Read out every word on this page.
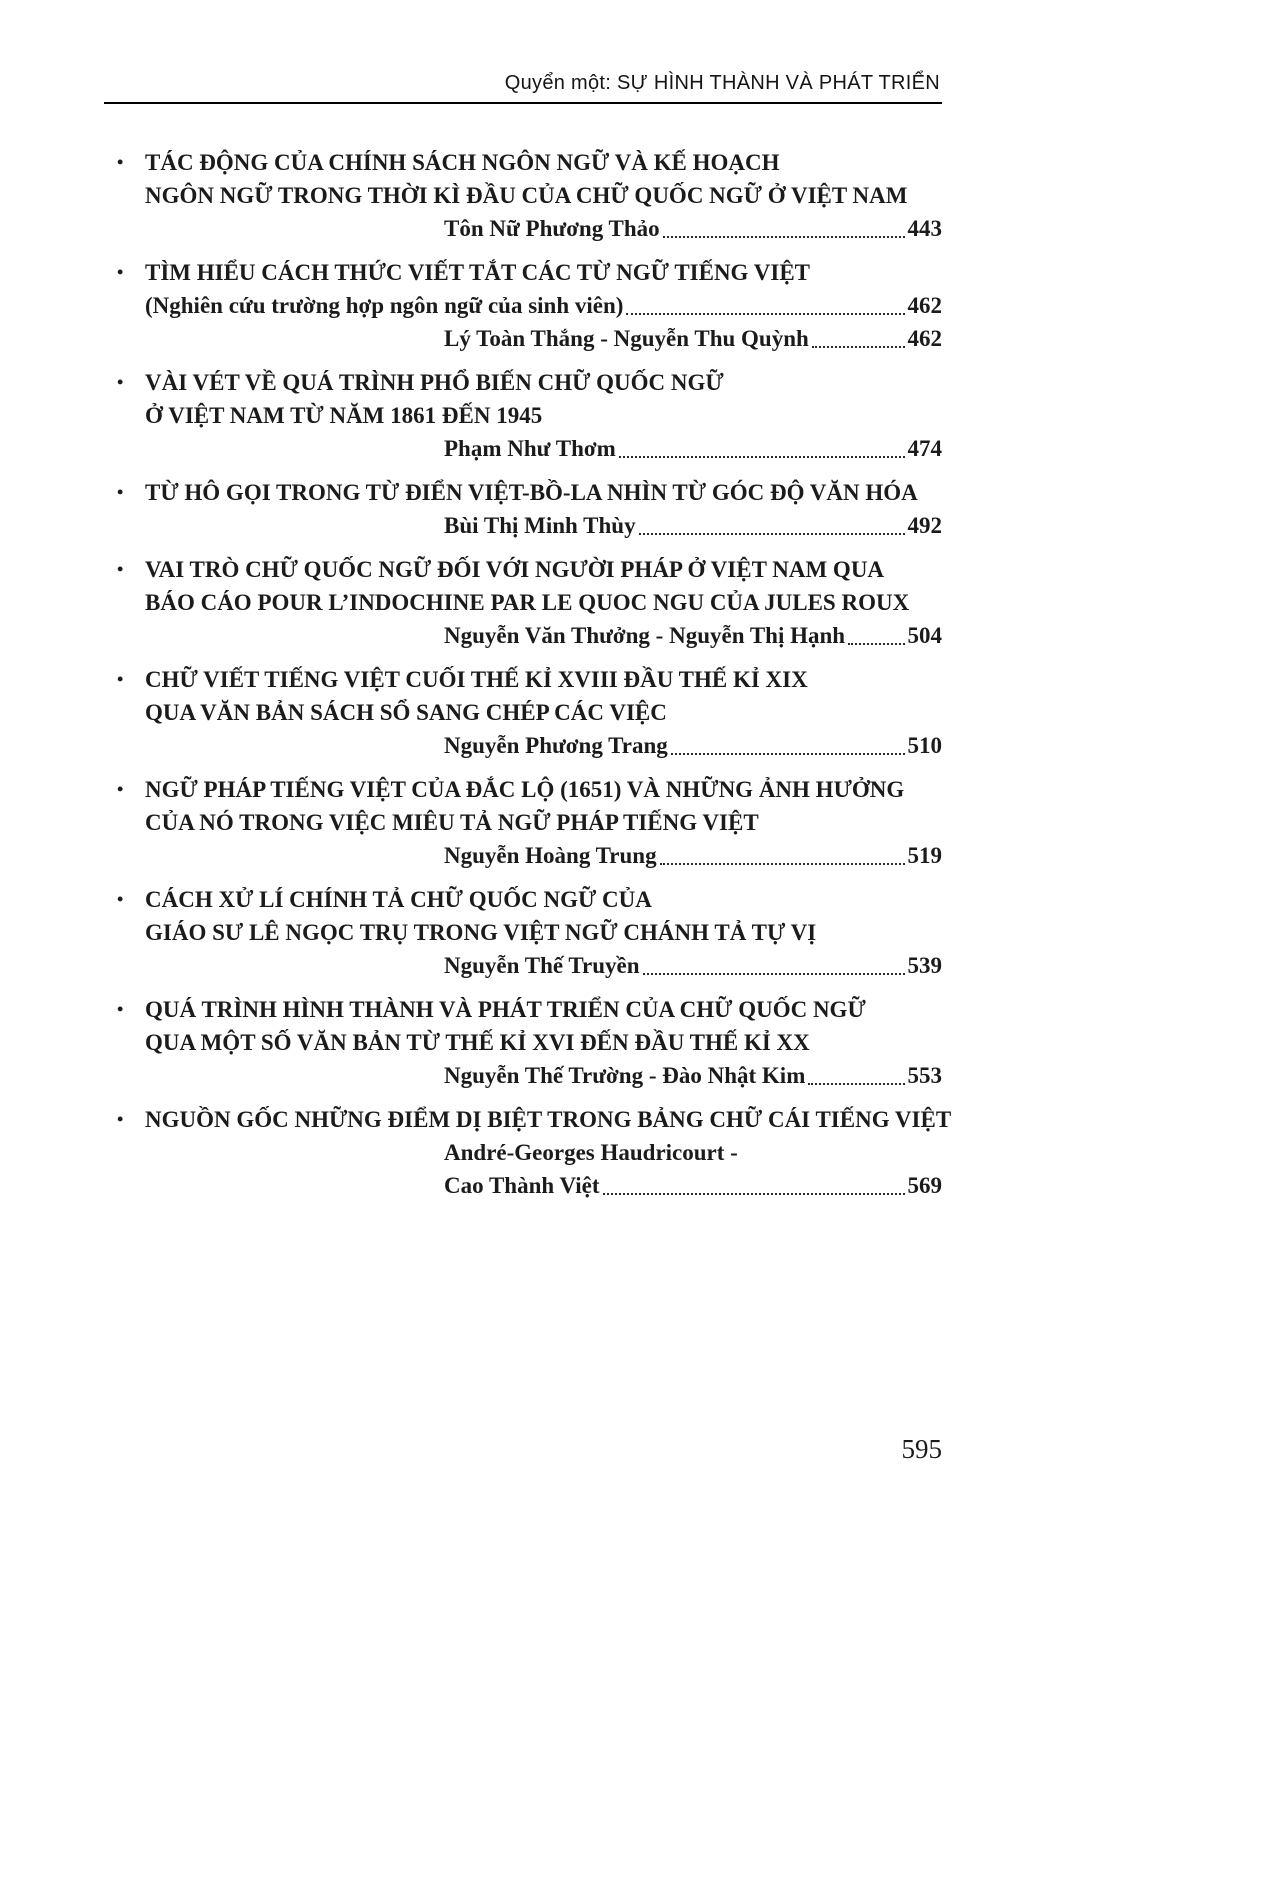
Quyển một: SỰ HÌNH THÀNH VÀ PHÁT TRIỂN
• TÁC ĐỘNG CỦA CHÍNH SÁCH NGÔN NGỮ VÀ KẾ HOẠCH
NGÔN NGỮ TRONG THỜI KÌ ĐẦU CỦA CHỮ QUỐC NGỮ Ở VIỆT NAM
Tôn Nữ Phương Thảo	443
• TÌM HIỂU CÁCH THỨC VIẾT TẮT CÁC TỪ NGỮ TIẾNG VIỆT
(Nghiên cứu trường hợp ngôn ngữ của sinh viên)	462
Lý Toàn Thắng - Nguyễn Thu Quỳnh	462
• VÀI VÉT VỀ QUÁ TRÌNH PHỔ BIẾN CHỮ QUỐC NGỮ
Ở VIỆT NAM TỪ NĂM 1861 ĐẾN 1945
Phạm Như Thơm	474
• TỪ HÔ GỌI TRONG TỪ ĐIỂN VIỆT-BỒ-LA NHÌN TỪ GÓC ĐỘ VĂN HÓA
Bùi Thị Minh Thùy	492
• VAI TRÒ CHỮ QUỐC NGỮ ĐỐI VỚI NGƯỜI PHÁP Ở VIỆT NAM QUA
BÁO CÁO POUR L’INDOCHINE PAR LE QUOC NGU CỦA JULES ROUX
Nguyễn Văn Thưởng - Nguyễn Thị Hạnh	504
• CHỮ VIẾT TIẾNG VIỆT CUỐI THẾ KỈ XVIII ĐẦU THẾ KỈ XIX
QUA VĂN BẢN SÁCH SỔ SANG CHÉP CÁC VIỆC
Nguyễn Phương Trang	510
• NGỮ PHÁP TIẾNG VIỆT CỦA ĐẮC LỘ (1651) VÀ NHỮNG ẢNH HƯỞNG
CỦA NÓ TRONG VIỆC MIÊU TẢ NGỮ PHÁP TIẾNG VIỆT
Nguyễn Hoàng Trung	519
• CÁCH XỬ LÍ CHÍNH TẢ CHỮ QUỐC NGỮ CỦA
GIÁO SƯ LÊ NGỌC TRỤ TRONG VIỆT NGỮ CHÁNH TẢ TỰ VỊ
Nguyễn Thế Truyền	539
• QUÁ TRÌNH HÌNH THÀNH VÀ PHÁT TRIỂN CỦA CHỮ QUỐC NGỮ
QUA MỘT SỐ VĂN BẢN TỪ THẾ KỈ XVI ĐẾN ĐẦU THẾ KỈ XX
Nguyễn Thế Trường - Đào Nhật Kim	553
• NGUỒN GỐC NHỮNG ĐIỂM DỊ BIỆT TRONG BẢNG CHỮ CÁI TIẾNG VIỆT
André-Georges Haudricourt -
Cao Thành Việt	569
595
